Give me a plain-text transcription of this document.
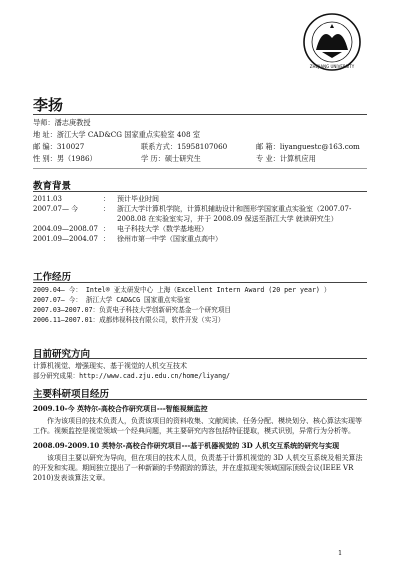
ZHEJIANG UNIVERSITY
李扬
导师：潘志庚教授
地 址：浙江大学 CAD&CG 国家重点实验室 408 室
邮 编：310027	联系方式：15958107060	邮 箱：liyanguestc@163.com
性 别：男（1986）	学 历：硕士研究生	专 业：计算机应用
教育背景
2011.03	：	预计毕业时间
2007.07— 今	：	浙江大学计算机学院，计算机辅助设计和图形学国家重点实验室（2007.07-2008.08 在实验室实习，并于 2008.09 保送至浙江大学 就读研究生）
2004.09—2008.07 ：	电子科技大学（数学基地班）
2001.09—2004.07 ：	徐州市第一中学（国家重点高中）
工作经历
2009.04— 今： Intel® 亚太研发中心 上海（Excellent Intern Award (20 per year) ）
2007.07— 今： 浙江大学 CAD&CG 国家重点实验室
2007.03—2007.07：负责电子科技大学创新研究基金一个研究项目
2006.11—2007.01：成都炜视科技有限公司，软件开发（实习）
目前研究方向
计算机视觉、增强现实、基于视觉的人机交互技术
部分研究成果：http://www.cad.zju.edu.cn/home/liyang/
主要科研项目经历
2009.10-今 英特尔-高校合作研究项目---智能视频监控
作为该项目的技术负责人，负责该项目的资料收集、文献阅读、任务分配、模块划分、核心算法实现等工作。视频监控是视觉领域一个经典问题，其主要研究内容包括特征提取，模式识别，异常行为分析等。
2008.09-2009.10 英特尔-高校合作研究项目---基于机器视觉的 3D 人机交互系统的研究与实现
该项目主要以研究为导向，但在项目的技术人员，负责基于计算机视觉的 3D 人机交互系统及相关算法的开发和实现。期间独立提出了一种新颖的手势跟踪的算法，并在虚拟现实领域国际顶级会议(IEEE VR 2010)发表该算法文章。
1
